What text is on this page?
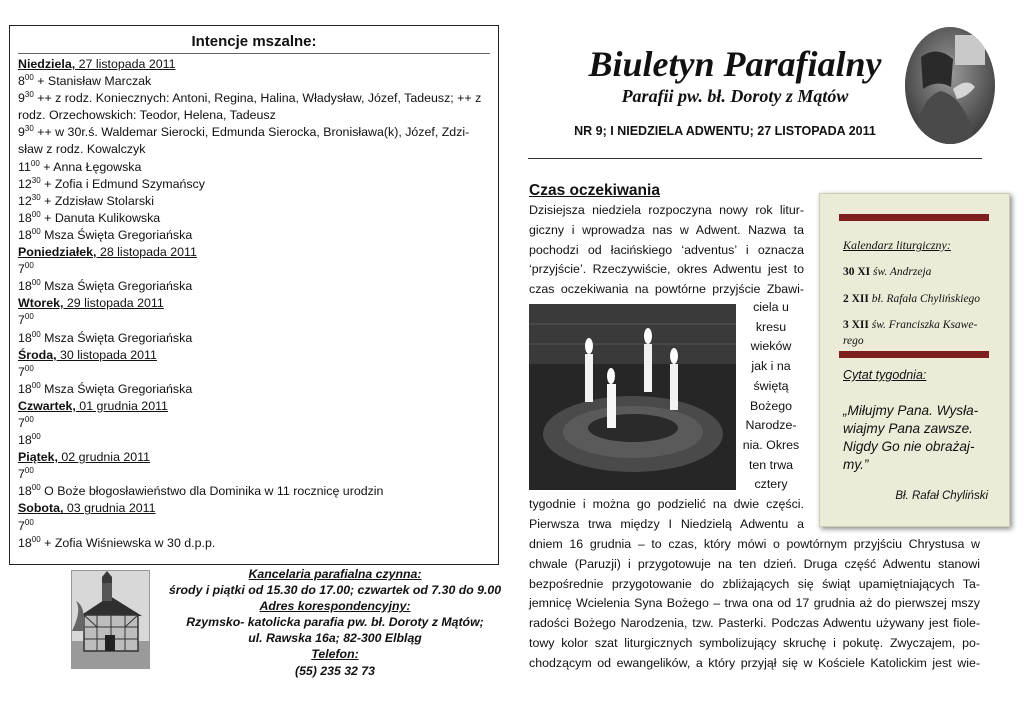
Intencje mszalne:
Niedziela, 27 listopada 2011
$8^{00}$ + Stanisław Marczak
$9^{30} ++ z$ rodz. Koniecznych: Antoni, Regina, Halina, Władysław, Józef, Tadeusz; ++ z rodz. Orzechowskich: Teodor, Helena, Tadeusz
$9^{30} ++ w$ 30r.ś. Waldemar Sierocki, Edmunda Sierocka, Bronisława(k), Józef, Zdzi-sław z rodz. Kowalczyk
$11^{00}$ + Anna Łęgowska
$12^{30}$ + Zofia i Edmund Szymańscy
$12^{30}$ + Zdzisław Stolarski
$18^{00}$ + Danuta Kulikowska
$18^{00}$ Msza Święta Gregoriańska
Poniedziałek, 28 listopada 2011
$7^{00}$
$18^{00}$ Msza Święta Gregoriańska
Wtorek, 29 listopada 2011
$7^{00}$
$18^{00}$ Msza Święta Gregoriańska
Środa, 30 listopada 2011
$7^{00}$
$18^{00}$ Msza Święta Gregoriańska
Czwartek, 01 grudnia 2011
$7^{00}$
$18^{00}$
Piątek, 02 grudnia 2011
$7^{00}$
$18^{00}$ O Boże błogosławieństwo dla Dominika w 11 rocznicę urodzin
Sobota, 03 grudnia 2011
$7^{00}$
$18^{00}$ + Zofia Wiśniewska w 30 d.p.p.
Kancelaria parafialna czynna:
środy i piątki od 15.30 do 17.00; czwartek od 7.30 do 9.00
Adres korespondencyjny:
Rzymsko- katolicka parafia pw. bł. Doroty z Mątów;
ul. Rawska 16a; 82-300 Elbląg
Telefon:
(55) 235 32 73
Biuletyn Parafialny
Parafii pw. bł. Doroty z Mątów
NR 9; I NIEDZIELA ADWENTU; 27 LISTOPADA 2011
Czas oczekiwania
Dzisiejsza niedziela rozpoczyna nowy rok litur-
giczny i wprowadza nas w Adwent. Nazwa ta
pochodzi od łacińskiego ‘adventus’ i oznacza
‘przyjście’. Rzeczywiście, okres Adwentu jest to
czas oczekiwania na powtórne przyjście Zbawi-
ciela u
kresu
wieków
jak i na
świętą
Bożego
Narodze-
nia. Okres
ten trwa
cztery
tygodnie i można go podzielić na dwie części.
Pierwsza trwa między I Niedzielą Adwentu a
dniem 16 grudnia – to czas, który mówi o powtórnym przyjściu Chrystusa w
chwale (Paruzji) i przygotowuje na ten dzień. Druga część Adwentu stanowi
bezpośrednie przygotowanie do zbliżających się świąt upamiętniających Ta-
jemnicę Wcielenia Syna Bożego – trwa ona od 17 grudnia aż do pierwszej mszy
radości Bożego Narodzenia, tzw. Pasterki. Podczas Adwentu używany jest fiole-
towy kolor szat liturgicznych symbolizujący skruchę i pokutę. Zwyczajem, po-
chodzącym od ewangelików, a który przyjął się w Kościele Katolickim jest wie-
Kalendarz liturgiczny:
30 XI św. Andrzeja
2 XII bł. Rafała Chylińskiego
3 XII św. Franciszka Ksawe-rego
Cytat tygodnia:
„Miłujmy Pana. Wysła-wiajmy Pana zawsze. Nigdy Go nie obrażaj-my.”
Bł. Rafał Chyliński
